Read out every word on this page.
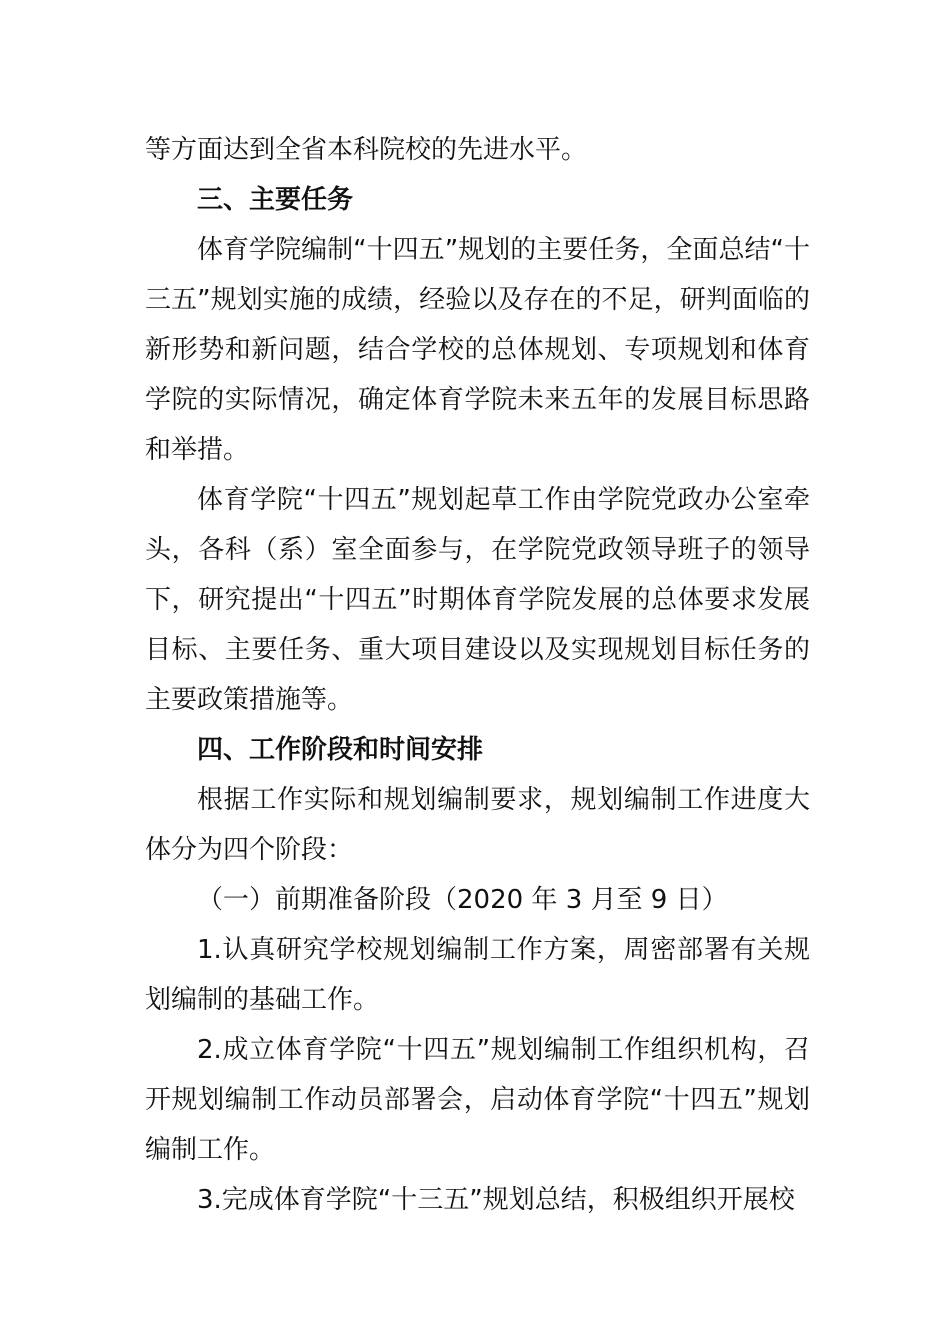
等方面达到全省本科院校的先进水平。

三、主要任务

体育学院编制“十四五”规划的主要任务，全面总结“十三五”规划实施的成绩，经验以及存在的不足，研判面临的新形势和新问题，结合学校的总体规划、专项规划和体育学院的实际情况，确定体育学院未来五年的发展目标思路和举措。

体育学院“十四五”规划起草工作由学院党政办公室牵头，各科（系）室全面参与，在学院党政领导班子的领导下，研究提出“十四五”时期体育学院发展的总体要求发展目标、主要任务、重大项目建设以及实现规划目标任务的主要政策措施等。

四、工作阶段和时间安排

根据工作实际和规划编制要求，规划编制工作进度大体分为四个阶段：

（一）前期准备阶段（2020 年 3 月至 9 日）

1.认真研究学校规划编制工作方案，周密部署有关规划编制的基础工作。

2.成立体育学院“十四五”规划编制工作组织机构，召开规划编制工作动员部署会，启动体育学院“十四五”规划编制工作。

3.完成体育学院“十三五”规划总结，积极组织开展校
